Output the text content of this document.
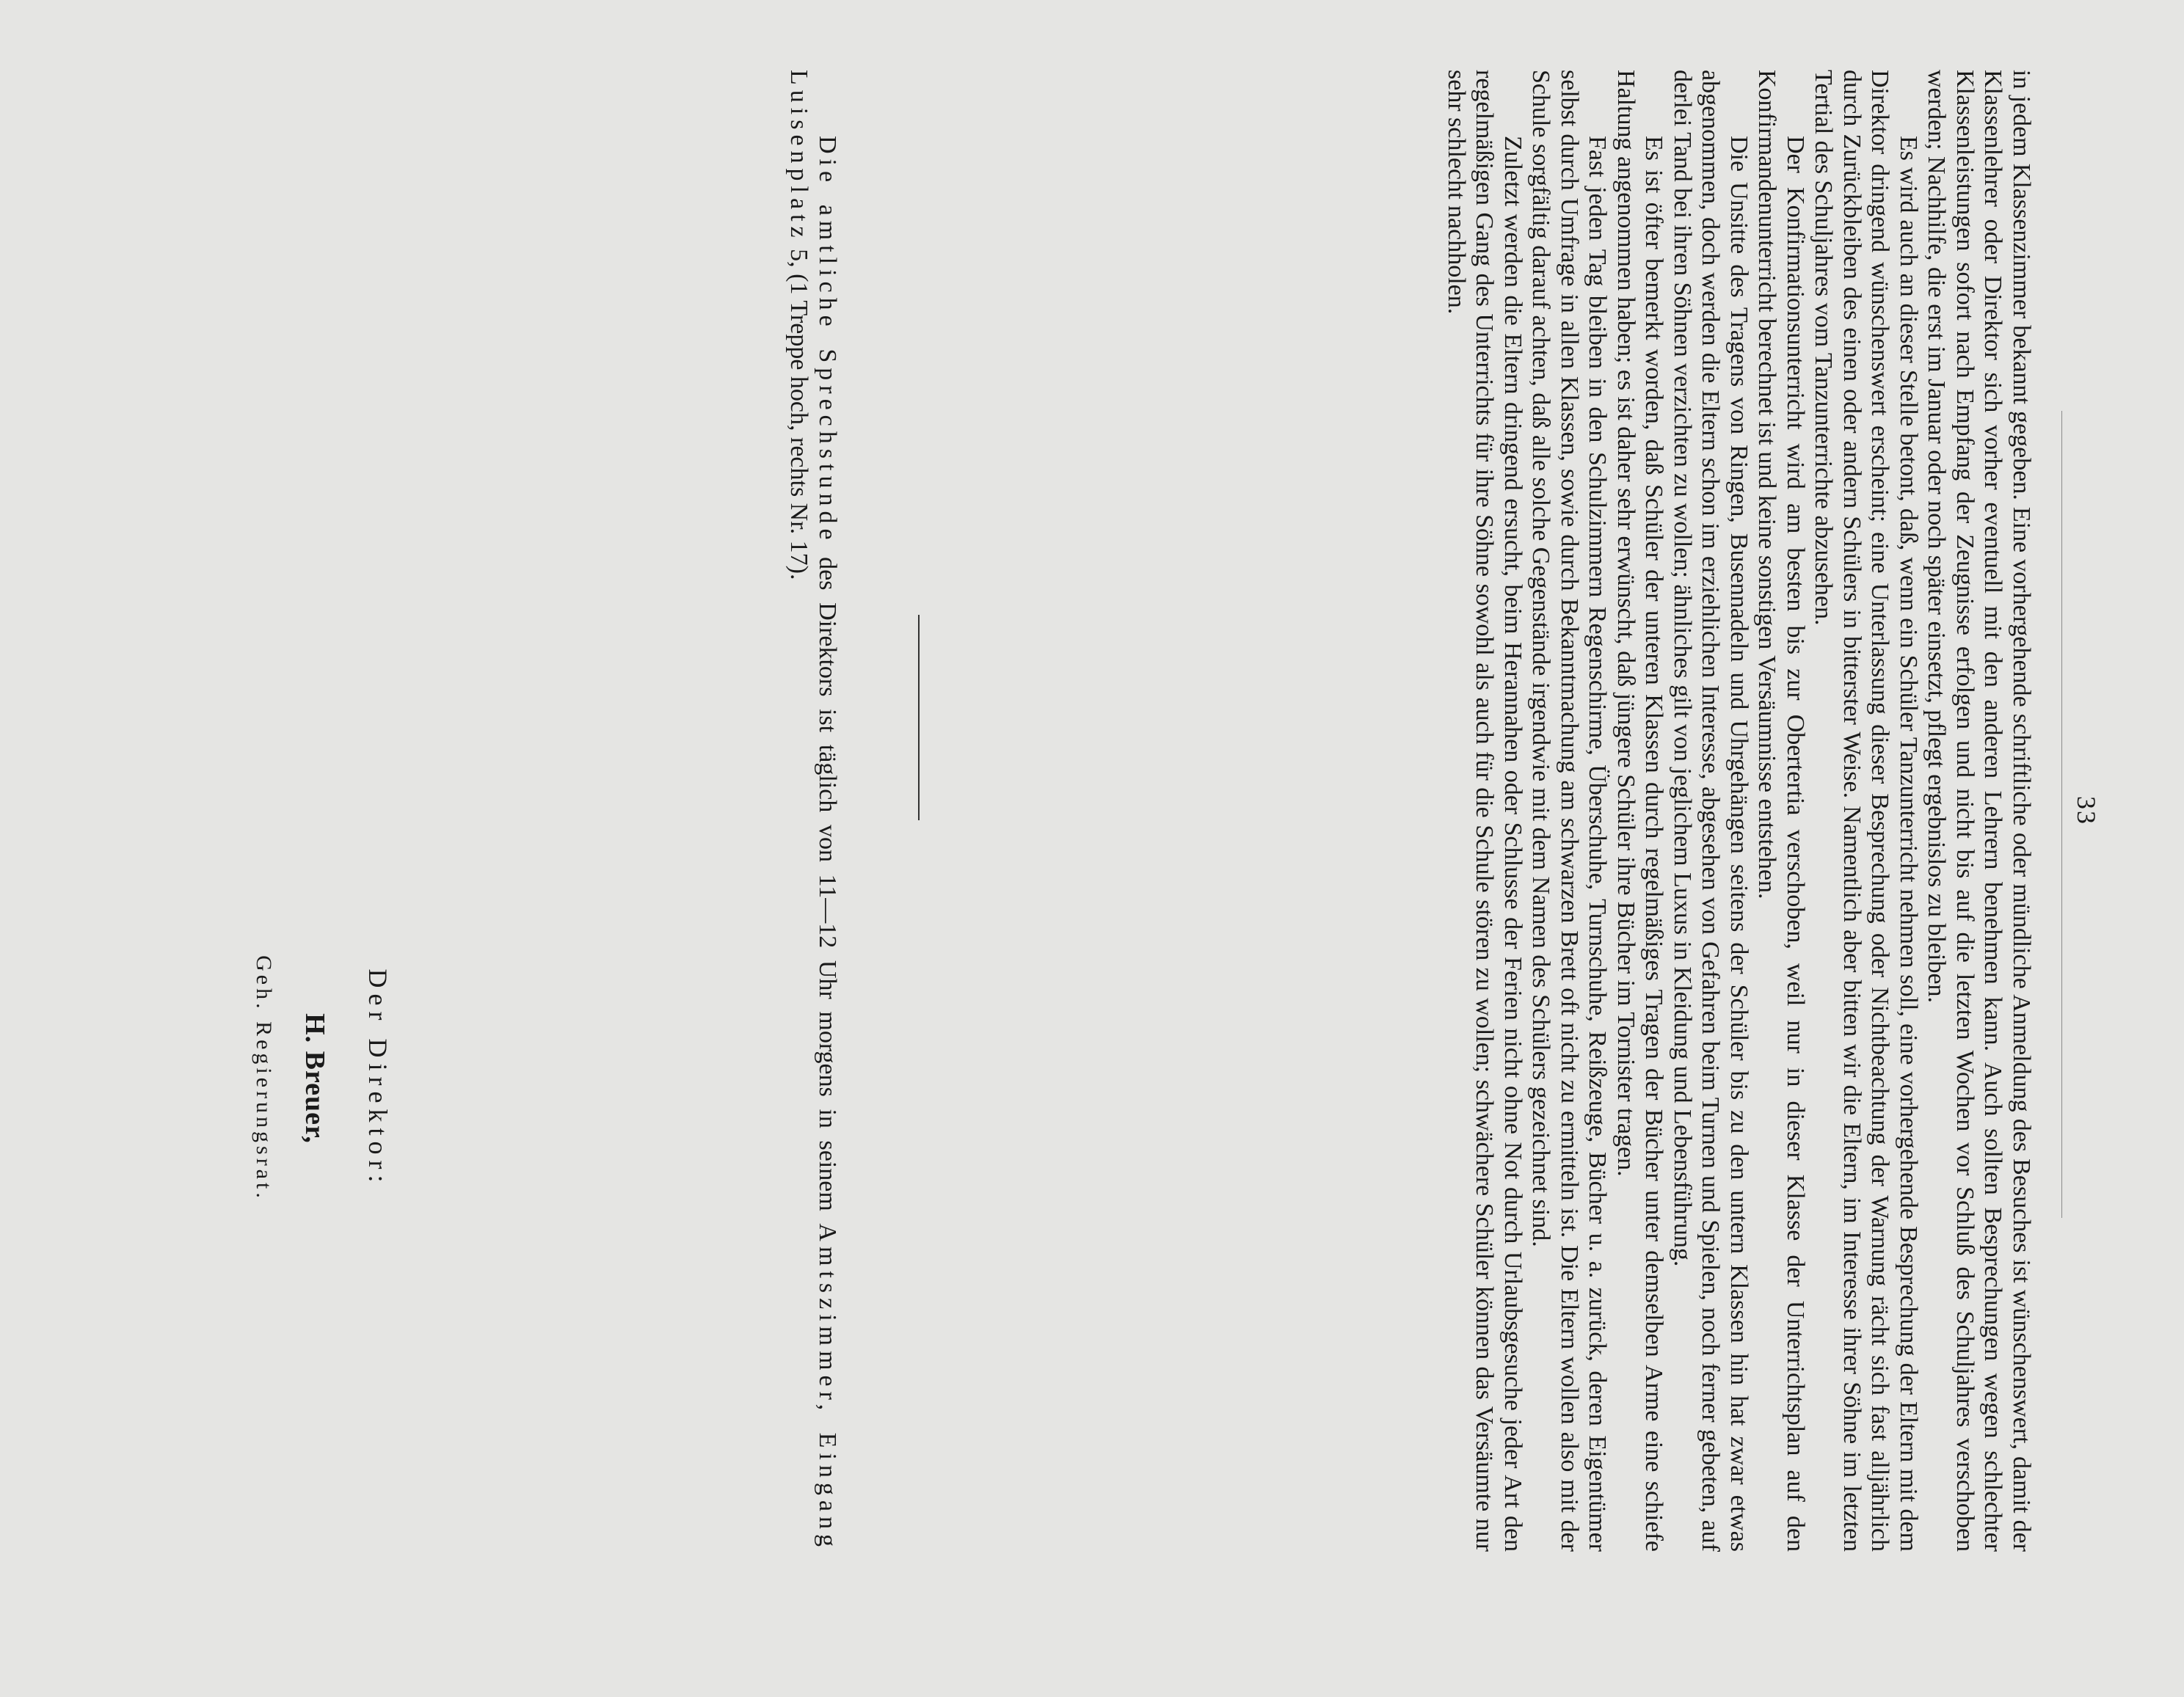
33

in jedem Klassenzimmer bekannt gegeben. Eine vorhergehende schriftliche oder mündliche Anmeldung des Besuches ist wünschenswert, damit der Klassenlehrer oder Direktor sich vorher eventuell mit den anderen Lehrern benehmen kann. Auch sollten Besprechungen wegen schlechter Klassenleistungen sofort nach Empfang der Zeugnisse erfolgen und nicht bis auf die letzten Wochen vor Schluß des Schuljahres verschoben werden; Nachhilfe, die erst im Januar oder noch später einsetzt, pflegt ergebnislos zu bleiben.

Es wird auch an dieser Stelle betont, daß, wenn ein Schüler Tanzunterricht nehmen soll, eine vorhergehende Besprechung der Eltern mit dem Direktor dringend wünschenswert erscheint; eine Unterlassung dieser Besprechung oder Nichtbeachtung der Warnung rächt sich fast alljährlich durch Zurückbleiben des einen oder andern Schülers in bitterster Weise. Namentlich aber bitten wir die Eltern, im Interesse ihrer Söhne im letzten Tertial des Schuljahres vom Tanzunterrichte abzusehen.

Der Konfirmationsunterricht wird am besten bis zur Obertertia verschoben, weil nur in dieser Klasse der Unterrichtsplan auf den Konfirmandenunterricht berechnet ist und keine sonstigen Versäumnisse entstehen.

Die Unsitte des Tragens von Ringen, Busennadeln und Uhrgehängen seitens der Schüler bis zu den untern Klassen hin hat zwar etwas abgenommen, doch werden die Eltern schon im erziehlichen Interesse, abgesehen von Gefahren beim Turnen und Spielen, noch ferner gebeten, auf derlei Tand bei ihren Söhnen verzichten zu wollen; ähnliches gilt von jeglichem Luxus in Kleidung und Lebensführung.

Es ist öfter bemerkt worden, daß Schüler der unteren Klassen durch regelmäßiges Tragen der Bücher unter demselben Arme eine schiefe Haltung angenommen haben; es ist daher sehr erwünscht, daß jüngere Schüler ihre Bücher im Tornister tragen.

Fast jeden Tag bleiben in den Schulzimmern Regenschirme, Überschuhe, Turnschuhe, Reißzeuge, Bücher u. a. zurück, deren Eigentümer selbst durch Umfrage in allen Klassen, sowie durch Bekanntmachung am schwarzen Brett oft nicht zu ermitteln ist. Die Eltern wollen also mit der Schule sorgfältig darauf achten, daß alle solche Gegenstände irgendwie mit dem Namen des Schülers gezeichnet sind.

Zuletzt werden die Eltern dringend ersucht, beim Herannahen oder Schlusse der Ferien nicht ohne Not durch Urlaubsgesuche jeder Art den regelmäßigen Gang des Unterrichts für ihre Söhne sowohl als auch für die Schule stören zu wollen; schwächere Schüler können das Versäumte nur sehr schlecht nachholen.

Die amtliche Sprechstunde des Direktors ist täglich von 11—12 Uhr morgens in seinem Amtszimmer, Eingang Luisenplatz 5, (1 Treppe hoch, rechts Nr. 17).

Der Direktor:

H. Breuer,

Geh. Regierungsrat.
